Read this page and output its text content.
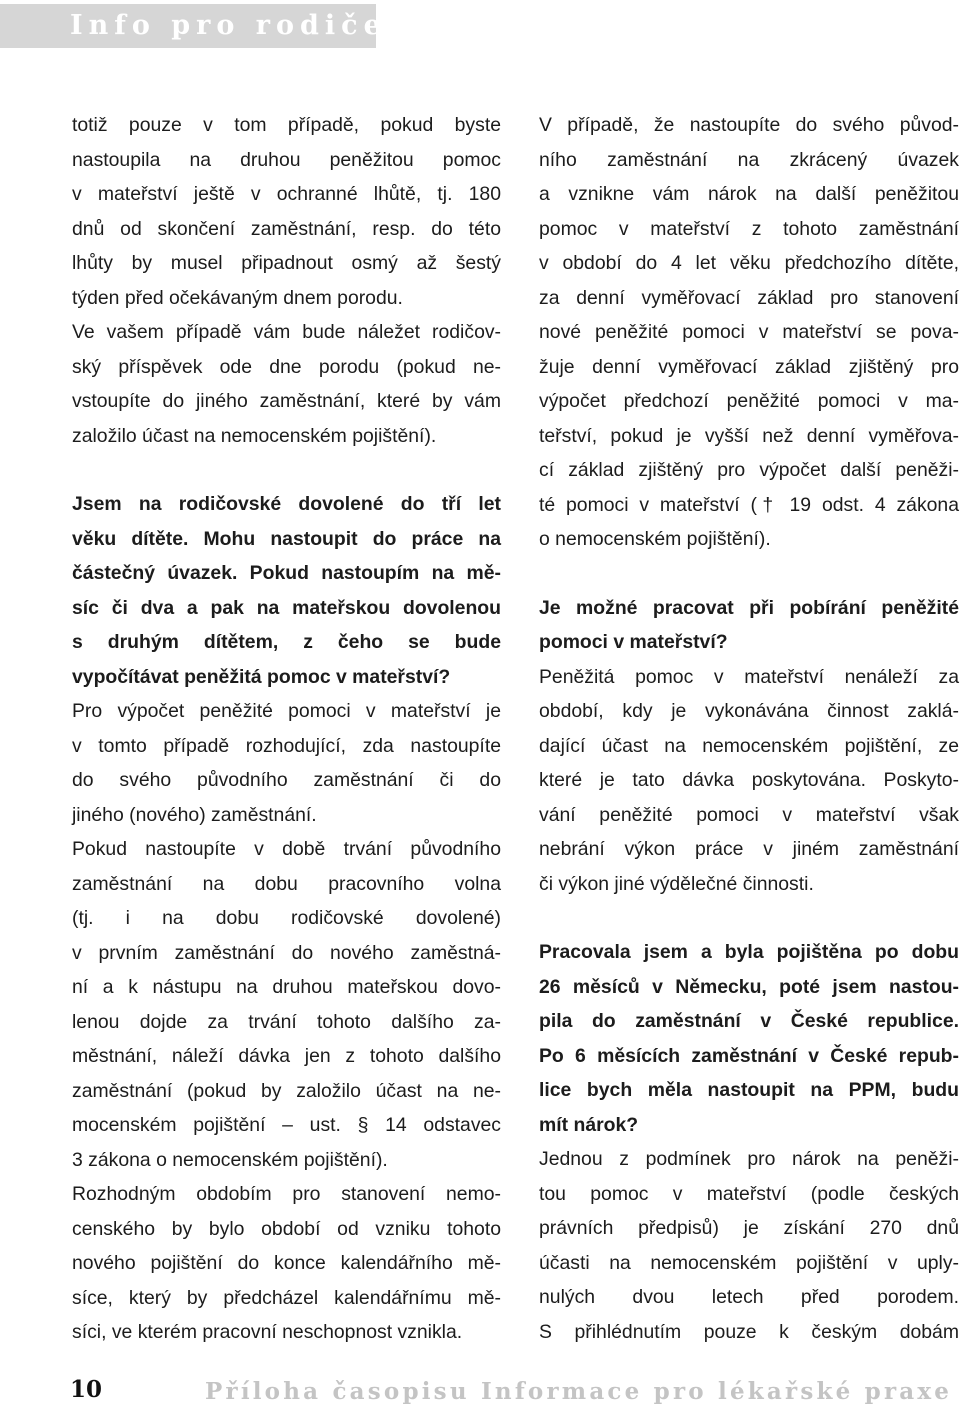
Info pro rodiče

totiž pouze v tom případě, pokud byste
nastoupila na druhou peněžitou pomoc
v mateřství ještě v ochranné lhůtě, tj. 180
dnů od skončení zaměstnání, resp. do této
lhůty by musel připadnout osmý až šestý
týden před očekávaným dnem porodu.

Ve vašem případě vám bude náležet rodičov-
ský příspěvek ode dne porodu (pokud ne-
vstoupíte do jiného zaměstnání, které by vám
založilo účast na nemocenském pojištění).

Jsem na rodičovské dovolené do tří let
věku dítěte. Mohu nastoupit do práce na
částečný úvazek. Pokud nastoupím na mě-
síc či dva a pak na mateřskou dovolenou
s druhým dítětem, z čeho se bude
vypočítávat peněžitá pomoc v mateřství?

Pro výpočet peněžité pomoci v mateřství je
v tomto případě rozhodující, zda nastoupíte
do svého původního zaměstnání či do
jiného (nového) zaměstnání.

Pokud nastoupíte v době trvání původního
zaměstnání na dobu pracovního volna
(tj. i na dobu rodičovské dovolené)
v prvním zaměstnání do nového zaměstná-
ní a k nástupu na druhou mateřskou dovo-
lenou dojde za trvání tohoto dalšího za-
městnání, náleží dávka jen z tohoto dalšího
zaměstnání (pokud by založilo účast na ne-
mocenském pojištění – ust. § 14 odstavec
3 zákona o nemocenském pojištění).

Rozhodným obdobím pro stanovení nemo-
cenského by bylo období od vzniku tohoto
nového pojištění do konce kalendářního mě-
síce, který by předcházel kalendářnímu mě-
síci, ve kterém pracovní neschopnost vznikla.

V případě, že nastoupíte do svého původ-
ního zaměstnání na zkrácený úvazek
a vznikne vám nárok na další peněžitou
pomoc v mateřství z tohoto zaměstnání
v období do 4 let věku předchozího dítěte,
za denní vyměřovací základ pro stanovení
nové peněžité pomoci v mateřství se pova-
žuje denní vyměřovací základ zjištěný pro
výpočet předchozí peněžité pomoci v ma-
teřství, pokud je vyšší než denní vyměřova-
cí základ zjištěný pro výpočet další peněži-
té pomoci v mateřství († 19 odst. 4 zákona
o nemocenském pojištění).

Je možné pracovat při pobírání peněžité
pomoci v mateřství?

Peněžitá pomoc v mateřství nenáleží za
období, kdy je vykonávána činnost zaklá-
dající účast na nemocenském pojištění, ze
které je tato dávka poskytována. Poskyto-
vání peněžité pomoci v mateřství však
nebrání výkon práce v jiném zaměstnání
či výkon jiné výdělečné činnosti.

Pracovala jsem a byla pojištěna po dobu
26 měsíců v Německu, poté jsem nastou-
pila do zaměstnání v České republice.
Po 6 měsících zaměstnání v České repub-
lice bych měla nastoupit na PPM, budu
mít nárok?

Jednou z podmínek pro nárok na peněži-
tou pomoc v mateřství (podle českých
právních předpisů) je získání 270 dnů
účasti na nemocenském pojištění v uply-
nulých dvou letech před porodem.
S přihlédnutím pouze k českým dobám

10	Příloha časopisu Informace pro lékařské praxe
